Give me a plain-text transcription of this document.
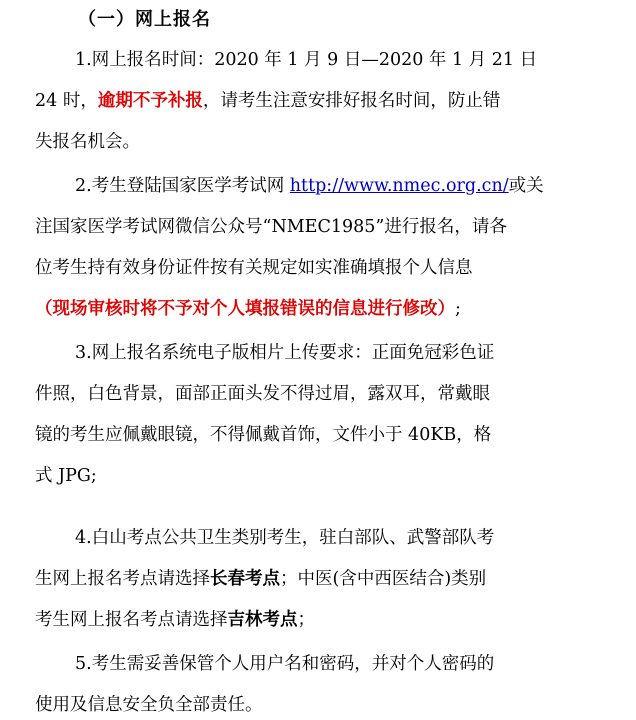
（一）网上报名
1.网上报名时间：2020 年 1 月 9 日—2020 年 1 月 21 日
24 时，逾期不予补报，请考生注意安排好报名时间，防止错
失报名机会。
2.考生登陆国家医学考试网 http://www.nmec.org.cn/或关
注国家医学考试网微信公众号“NMEC1985”进行报名，请各
位考生持有效身份证件按有关规定如实准确填报个人信息
（现场审核时将不予对个人填报错误的信息进行修改）;
3.网上报名系统电子版相片上传要求：正面免冠彩色证
件照，白色背景，面部正面头发不得过眉，露双耳，常戴眼
镜的考生应佩戴眼镜，不得佩戴首饰，文件小于 40KB，格
式 JPG;
4.白山考点公共卫生类别考生，驻白部队、武警部队考
生网上报名考点请选择长春考点；中医(含中西医结合)类别
考生网上报名考点请选择吉林考点；
5.考生需妥善保管个人用户名和密码，并对个人密码的
使用及信息安全负全部责任。
